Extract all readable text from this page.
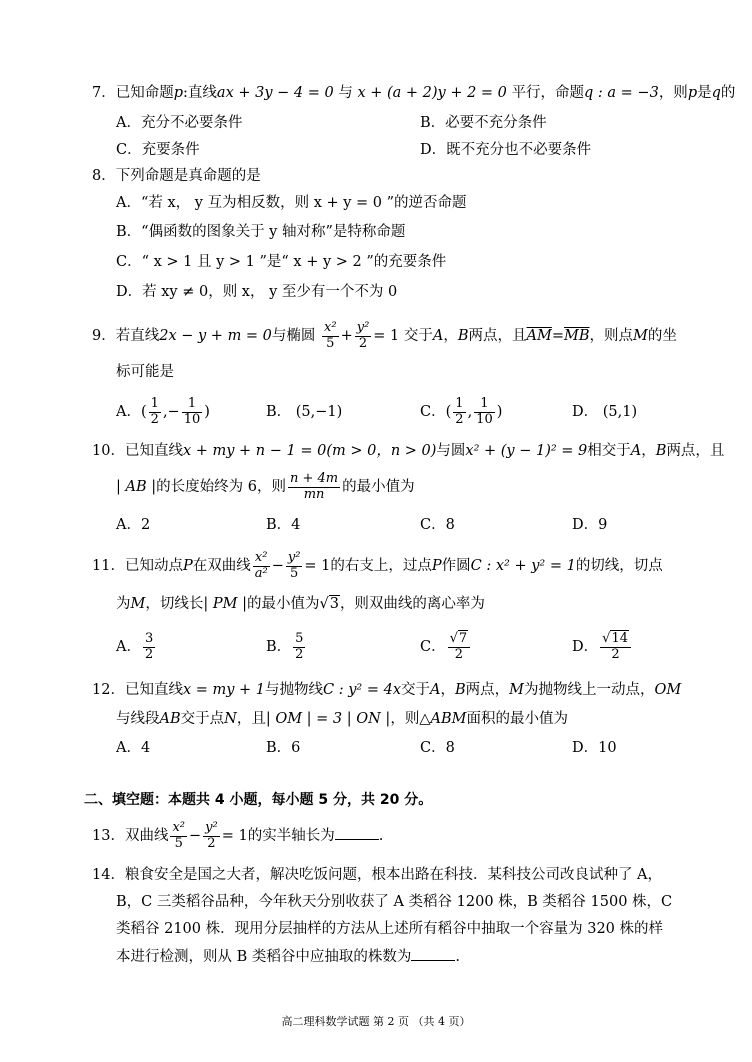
7．已知命题p:直线ax + 3y − 4 = 0 与 x + (a + 2)y + 2 = 0 平行，命题q : a = −3，则p是q的
A．充分不必要条件	B．必要不充分条件
C．充要条件	D．既不充分也不必要条件
8．下列命题是真命题的是
A．“若 x， y 互为相反数，则 x + y = 0 ”的逆否命题
B．“偶函数的图象关于 y 轴对称”是特称命题
C．“ x > 1 且 y > 1 ”是“ x + y > 2 ”的充要条件
D．若 xy ≠ 0，则 x， y 至少有一个不为 0
9．若直线2x − y + m = 0与椭圆 $\frac{\text{x²}}{5} + \frac{\text{y²}}{2} = 1$ 交于A，B两点，且$\overline{AM}=\overline{MB}$，则点M的坐
标可能是
A．( $\frac{1}{2}$ ,− $\frac{1}{10}$ )	B． (5,−1)	C．( $\frac{1}{2}$ , $\frac{1}{10}$ )	D． (5,1)
10．已知直线x + my + n − 1 = 0(m > 0，n > 0)与圆x² + (y − 1)² = 9相交于A，B两点，且
| AB |的长度始终为 6，则 $\frac{n + 4m}{mn}$ 的最小值为
A．2	B．4	C．8	D．9
11．已知动点P在双曲线 $\frac{\text{x²}}{\text{a²}} - \frac{\text{y²}}{5} = 1$的右支上，过点P作圆C : x² + y² = 1的切线，切点
为M，切线长| PM |的最小值为√3，则双曲线的离心率为
A． $\frac{3}{2}$	B． $\frac{5}{2}$	C． $\frac{√7}{2}$	D． $\frac{√14}{2}$
12．已知直线x = my + 1与抛物线C : y² = 4x交于A，B两点，M为抛物线上一动点，OM
与线段AB交于点N，且| OM | = 3 | ON |，则△ABM面积的最小值为
A．4	B．6	C．8	D．10
二、填空题：本题共 4 小题，每小题 5 分，共 20 分。
13．双曲线 $\frac{\text{x²}}{5} - \frac{\text{y²}}{2} = 1$的实半轴长为	.
14．粮食安全是国之大者，解决吃饭问题，根本出路在科技．某科技公司改良试种了 A，
B，C 三类稻谷品种，今年秋天分别收获了 A 类稻谷 1200 株，B 类稻谷 1500 株，C
类稻谷 2100 株．现用分层抽样的方法从上述所有稻谷中抽取一个容量为 320 株的样
本进行检测，则从 B 类稻谷中应抽取的株数为	.
高二理科数学试题 第 2 页 （共 4 页）
